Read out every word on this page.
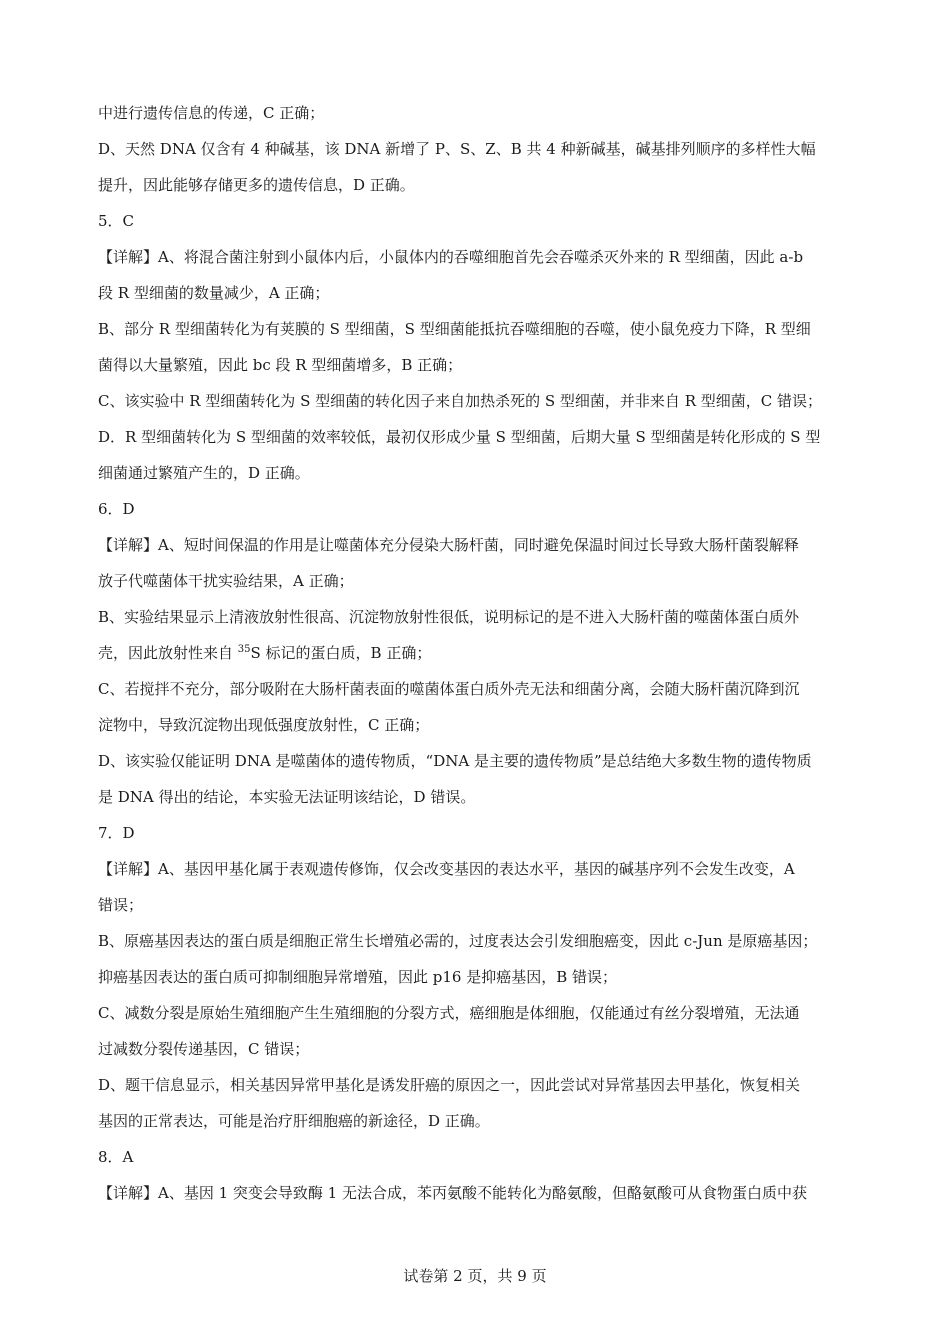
中进行遗传信息的传递，C 正确；
D、天然 DNA 仅含有 4 种碱基，该 DNA 新增了 P、S、Z、B 共 4 种新碱基，碱基排列顺序的多样性大幅
提升，因此能够存储更多的遗传信息，D 正确。
5．C
【详解】A、将混合菌注射到小鼠体内后，小鼠体内的吞噬细胞首先会吞噬杀灭外来的 R 型细菌，因此 a-b
段 R 型细菌的数量减少，A 正确；
B、部分 R 型细菌转化为有荚膜的 S 型细菌，S 型细菌能抵抗吞噬细胞的吞噬，使小鼠免疫力下降，R 型细
菌得以大量繁殖，因此 bc 段 R 型细菌增多，B 正确；
C、该实验中 R 型细菌转化为 S 型细菌的转化因子来自加热杀死的 S 型细菌，并非来自 R 型细菌，C 错误；
D．R 型细菌转化为 S 型细菌的效率较低，最初仅形成少量 S 型细菌，后期大量 S 型细菌是转化形成的 S 型
细菌通过繁殖产生的，D 正确。
6．D
【详解】A、短时间保温的作用是让噬菌体充分侵染大肠杆菌，同时避免保温时间过长导致大肠杆菌裂解释
放子代噬菌体干扰实验结果，A 正确；
B、实验结果显示上清液放射性很高、沉淀物放射性很低，说明标记的是不进入大肠杆菌的噬菌体蛋白质外
壳，因此放射性来自 $^{35}$S 标记的蛋白质，B 正确；
C、若搅拌不充分，部分吸附在大肠杆菌表面的噬菌体蛋白质外壳无法和细菌分离，会随大肠杆菌沉降到沉
淀物中，导致沉淀物出现低强度放射性，C 正确；
D、该实验仅能证明 DNA 是噬菌体的遗传物质，“DNA 是主要的遗传物质”是总结绝大多数生物的遗传物质
是 DNA 得出的结论，本实验无法证明该结论，D 错误。
7．D
【详解】A、基因甲基化属于表观遗传修饰，仅会改变基因的表达水平，基因的碱基序列不会发生改变，A
错误；
B、原癌基因表达的蛋白质是细胞正常生长增殖必需的，过度表达会引发细胞癌变，因此 c-Jun 是原癌基因；
抑癌基因表达的蛋白质可抑制细胞异常增殖，因此 p16 是抑癌基因，B 错误；
C、减数分裂是原始生殖细胞产生生殖细胞的分裂方式，癌细胞是体细胞，仅能通过有丝分裂增殖，无法通
过减数分裂传递基因，C 错误；
D、题干信息显示，相关基因异常甲基化是诱发肝癌的原因之一，因此尝试对异常基因去甲基化，恢复相关
基因的正常表达，可能是治疗肝细胞癌的新途径，D 正确。
8．A
【详解】A、基因 1 突变会导致酶 1 无法合成，苯丙氨酸不能转化为酪氨酸，但酪氨酸可从食物蛋白质中获
试卷第 2 页，共 9 页
